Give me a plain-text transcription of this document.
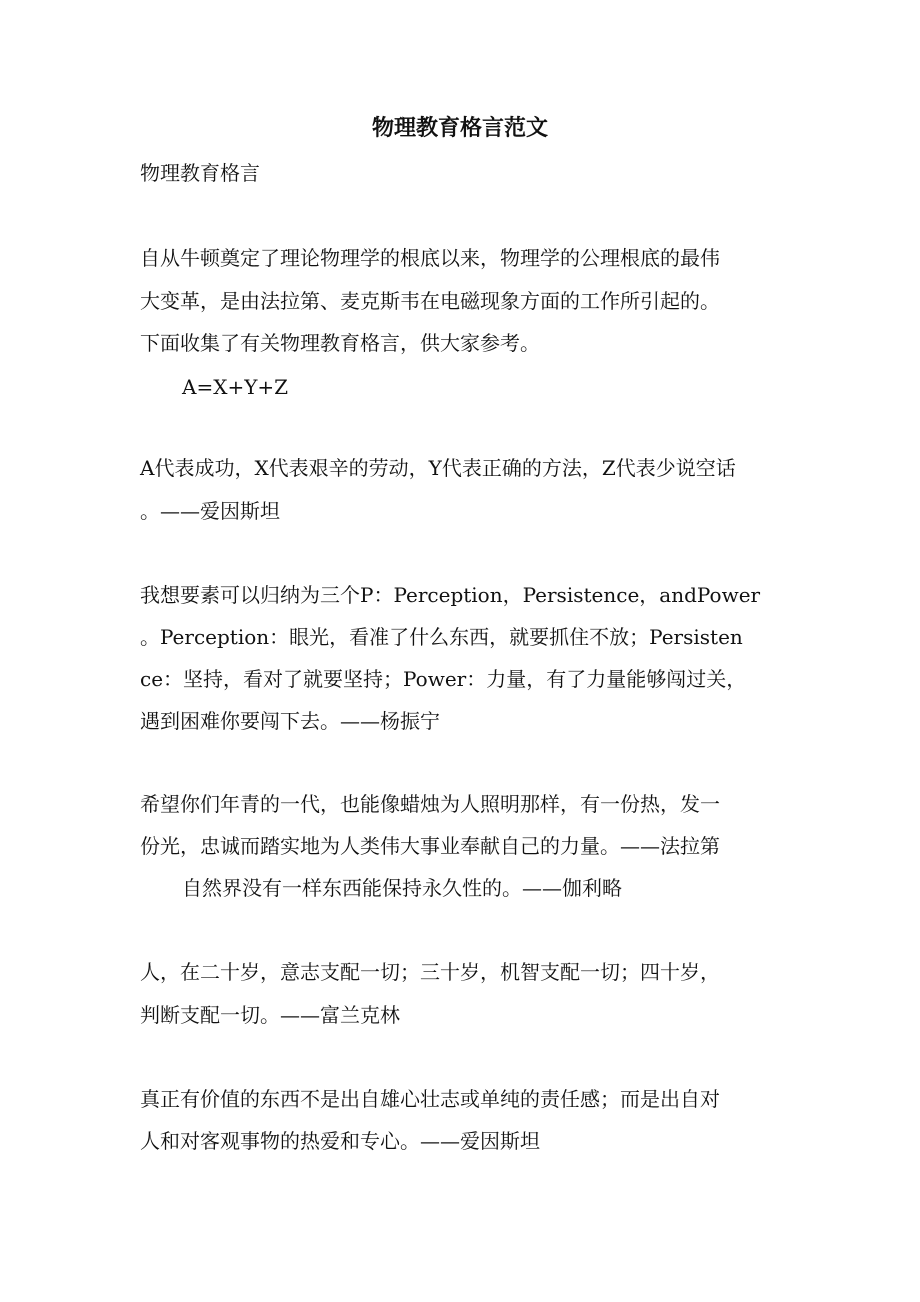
物理教育格言范文

物理教育格言

自从牛顿奠定了理论物理学的根底以来，物理学的公理根底的最伟

大变革，是由法拉第、麦克斯韦在电磁现象方面的工作所引起的。

下面收集了有关物理教育格言，供大家参考。

A=X+Y+Z

A代表成功，X代表艰辛的劳动，Y代表正确的方法，Z代表少说空话

。——爱因斯坦

我想要素可以归纳为三个P：Perception，Persistence，andPower

。Perception：眼光，看准了什么东西，就要抓住不放；Persisten

ce：坚持，看对了就要坚持；Power：力量，有了力量能够闯过关，

遇到困难你要闯下去。——杨振宁

希望你们年青的一代，也能像蜡烛为人照明那样，有一份热，发一

份光，忠诚而踏实地为人类伟大事业奉献自己的力量。——法拉第

自然界没有一样东西能保持永久性的。——伽利略

人，在二十岁，意志支配一切；三十岁，机智支配一切；四十岁，

判断支配一切。——富兰克林

真正有价值的东西不是出自雄心壮志或单纯的责任感；而是出自对

人和对客观事物的热爱和专心。——爱因斯坦
